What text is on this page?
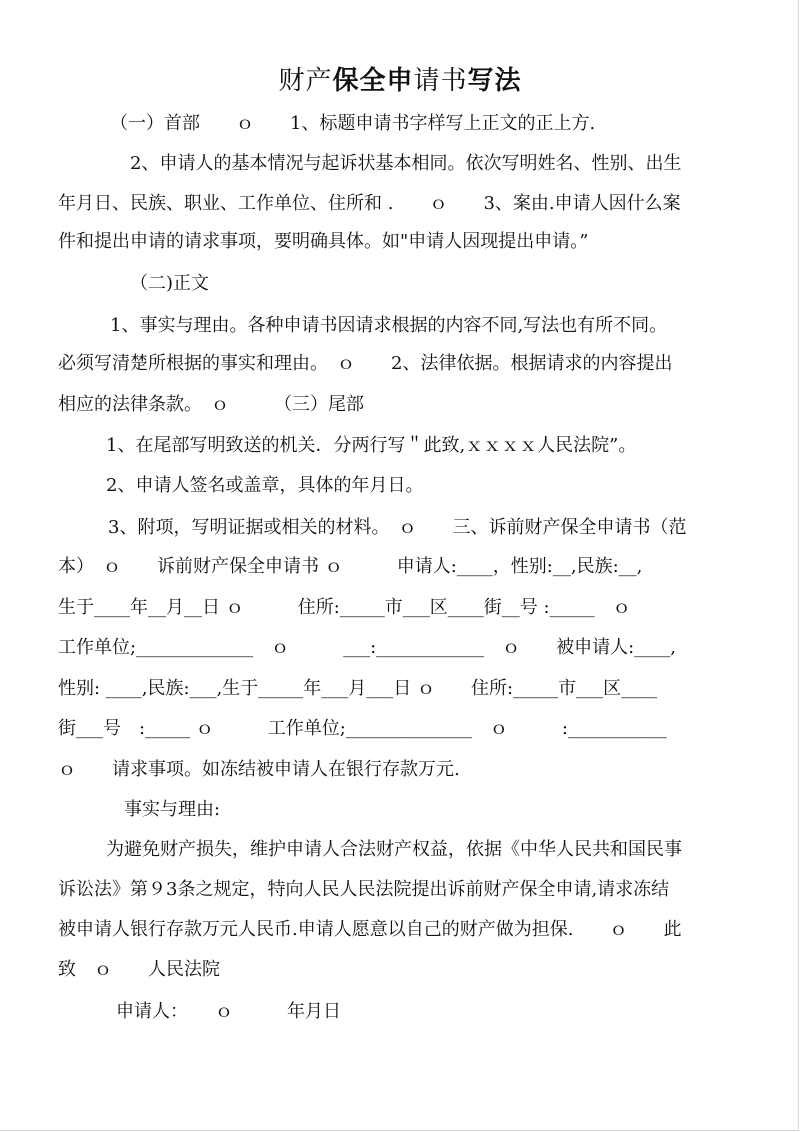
财产保全申请书写法
（一）首部　　ｏ　　1、标题申请书字样写上正文的正上方.
2、申请人的基本情况与起诉状基本相同。依次写明姓名、性别、出生
年月日、民族、职业、工作单位、住所和 .　　ｏ　　3、案由.申请人因什么案
件和提出申请的请求事项，要明确具体。如"申请人因现提出申请。”
（二)正文
1、事实与理由。各种申请书因请求根据的内容不同,写法也有所不同。
必须写清楚所根据的事实和理由。　ｏ　　2、法律依据。根据请求的内容提出
相应的法律条款。　ｏ　　　（三）尾部
1、在尾部写明致送的机关．分两行写＂此致,ｘｘｘｘ人民法院”。
2、申请人签名或盖章，具体的年月日。
3、附项，写明证据或相关的材料。　ｏ　　三、诉前财产保全申请书（范
本）　ｏ　　诉前财产保全申请书 ｏ　　　申请人:____，性别:__,民族:__,
生于____年__月__日 ｏ　　　住所:_____市___区____街__号 :_____　ｏ
工作单位;_____________　ｏ　　　___:____________　ｏ　　被申请人:____,
性别: ____,民族:___,生于_____年___月___日 ｏ　　住所:_____市___区____
街___号　:_____ ｏ　　　工作单位;______________　ｏ　　　:___________
ｏ　　请求事项。如冻结被申请人在银行存款万元.
事实与理由:
为避免财产损失，维护申请人合法财产权益，依据《中华人民共和国民事
诉讼法》第９3条之规定，特向人民人民法院提出诉前财产保全申请,请求冻结
被申请人银行存款万元人民币.申请人愿意以自己的财产做为担保.　　ｏ　　此
致　ｏ　　人民法院
申请人：　　ｏ　　　年月日
